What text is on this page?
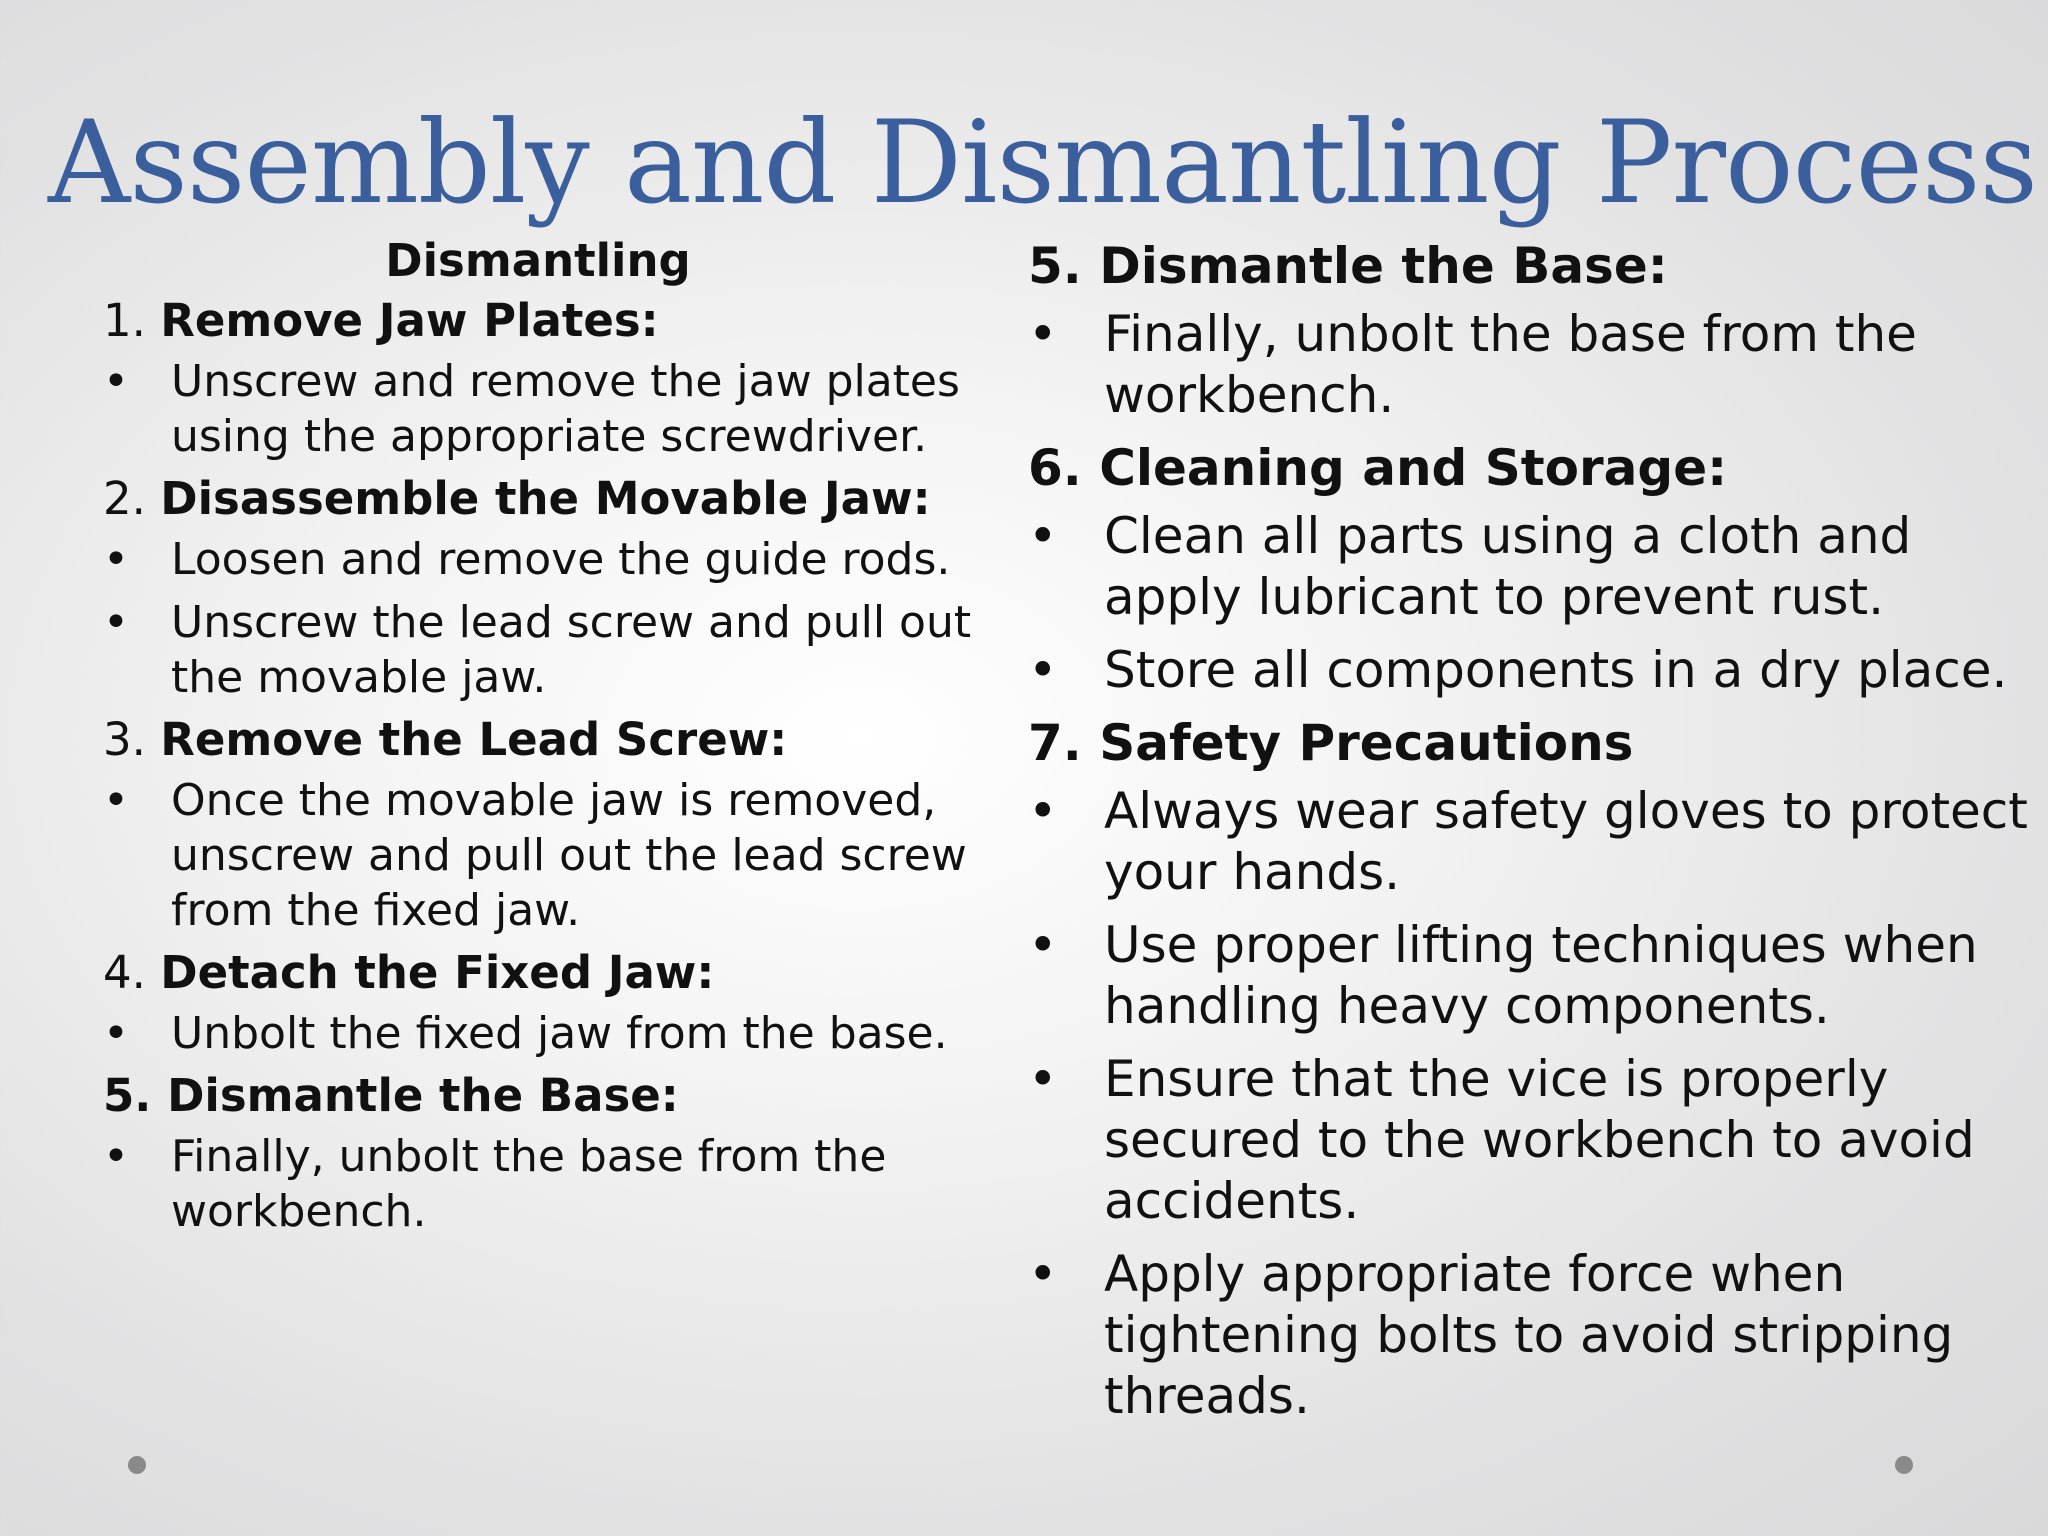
Assembly and Dismantling Process
Dismantling
1. Remove Jaw Plates:
• Unscrew and remove the jaw plates using the appropriate screwdriver.
2. Disassemble the Movable Jaw:
• Loosen and remove the guide rods.
• Unscrew the lead screw and pull out the movable jaw.
3. Remove the Lead Screw:
• Once the movable jaw is removed, unscrew and pull out the lead screw from the fixed jaw.
4. Detach the Fixed Jaw:
• Unbolt the fixed jaw from the base.
5. Dismantle the Base:
• Finally, unbolt the base from the workbench.
5. Dismantle the Base:
• Finally, unbolt the base from the workbench.
6. Cleaning and Storage:
• Clean all parts using a cloth and apply lubricant to prevent rust.
• Store all components in a dry place.
7. Safety Precautions
• Always wear safety gloves to protect your hands.
• Use proper lifting techniques when handling heavy components.
• Ensure that the vice is properly secured to the workbench to avoid accidents.
• Apply appropriate force when tightening bolts to avoid stripping threads.
